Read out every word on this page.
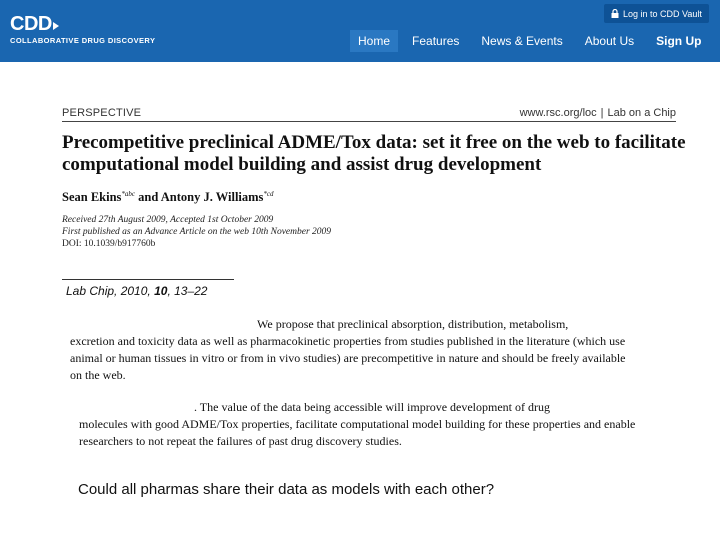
CDD
COLLABORATIVE DRUG DISCOVERY
Log in to CDD Vault
Home	Features	News & Events	About Us	Sign Up
PERSPECTIVE	www.rsc.org/loc | Lab on a Chip
Precompetitive preclinical ADME/Tox data: set it free on the web to facilitate computational model building and assist drug development
Sean Ekins$^{*abc}$ and Antony J. Williams$^{*cd}$
Received 27th August 2009, Accepted 1st October 2009
First published as an Advance Article on the web 10th November 2009
DOI: 10.1039/b917760b
Lab Chip, 2010, 10, 13–22
We propose that preclinical absorption, distribution, metabolism,
excretion and toxicity data as well as pharmacokinetic properties from studies published in the literature (which use animal or human tissues in vitro or from in vivo studies) are precompetitive in nature and should be freely available on the web.
. The value of the data being accessible will improve development of drug
molecules with good ADME/Tox properties, facilitate computational model building for these properties and enable researchers to not repeat the failures of past drug discovery studies.
Could all pharmas share their data as models with each other?
